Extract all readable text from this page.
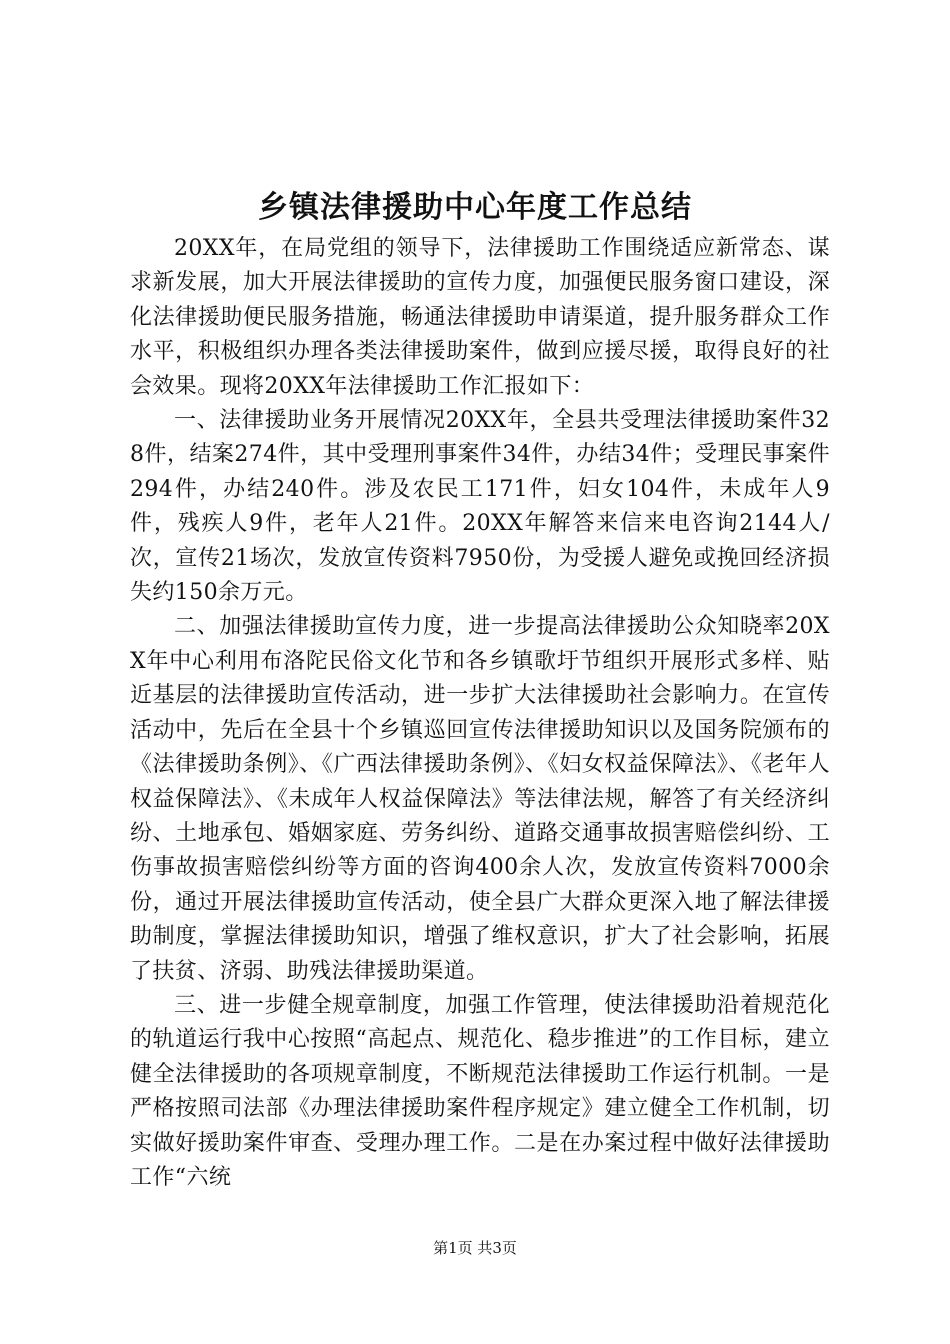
乡镇法律援助中心年度工作总结

20XX年，在局党组的领导下，法律援助工作围绕适应新常态、谋求新发展，加大开展法律援助的宣传力度，加强便民服务窗口建设，深化法律援助便民服务措施，畅通法律援助申请渠道，提升服务群众工作水平，积极组织办理各类法律援助案件，做到应援尽援，取得良好的社会效果。现将20XX年法律援助工作汇报如下：

一、法律援助业务开展情况20XX年，全县共受理法律援助案件328件，结案274件，其中受理刑事案件34件，办结34件；受理民事案件294件，办结240件。涉及农民工171件，妇女104件，未成年人9件，残疾人9件，老年人21件。20XX年解答来信来电咨询2144人/次，宣传21场次，发放宣传资料7950份，为受援人避免或挽回经济损失约150余万元。

二、加强法律援助宣传力度，进一步提高法律援助公众知晓率20XX年中心利用布洛陀民俗文化节和各乡镇歌圩节组织开展形式多样、贴近基层的法律援助宣传活动，进一步扩大法律援助社会影响力。在宣传活动中，先后在全县十个乡镇巡回宣传法律援助知识以及国务院颁布的《法律援助条例》、《广西法律援助条例》、《妇女权益保障法》、《老年人权益保障法》、《未成年人权益保障法》等法律法规，解答了有关经济纠纷、土地承包、婚姻家庭、劳务纠纷、道路交通事故损害赔偿纠纷、工伤事故损害赔偿纠纷等方面的咨询400余人次，发放宣传资料7000余份，通过开展法律援助宣传活动，使全县广大群众更深入地了解法律援助制度，掌握法律援助知识，增强了维权意识，扩大了社会影响，拓展了扶贫、济弱、助残法律援助渠道。

三、进一步健全规章制度，加强工作管理，使法律援助沿着规范化的轨道运行我中心按照“高起点、规范化、稳步推进”的工作目标，建立健全法律援助的各项规章制度，不断规范法律援助工作运行机制。一是严格按照司法部《办理法律援助案件程序规定》建立健全工作机制，切实做好援助案件审查、受理办理工作。二是在办案过程中做好法律援助工作“六统

第1页 共3页
